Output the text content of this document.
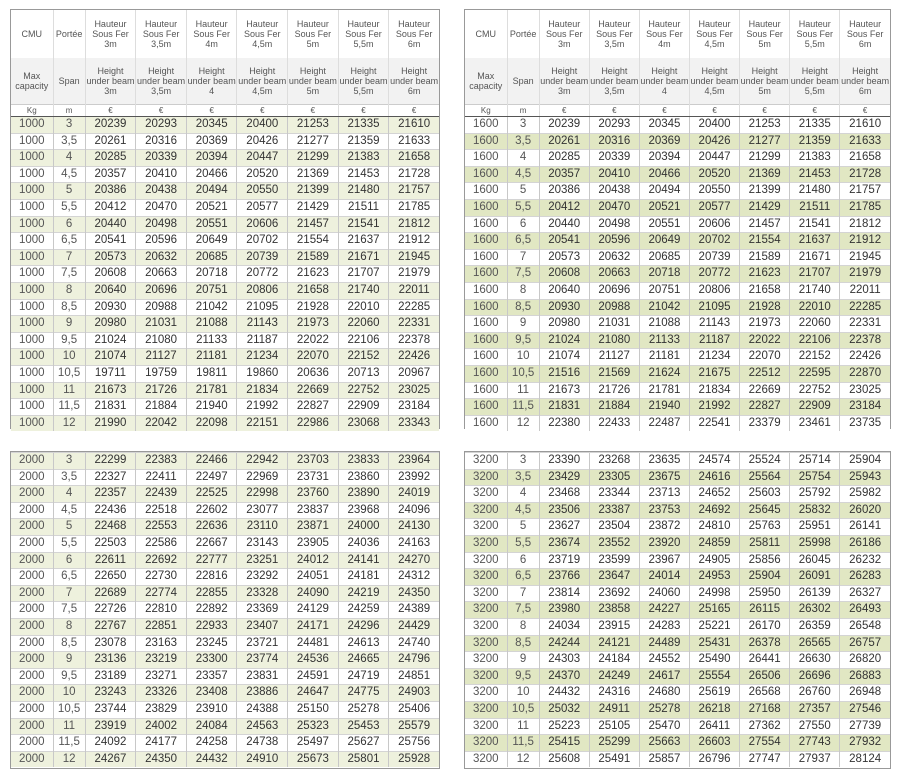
CMU	Portée	Hauteur Sous Fer 3m	Hauteur Sous Fer 3,5m	Hauteur Sous Fer 4m	Hauteur Sous Fer 4,5m	Hauteur Sous Fer 5m	Hauteur Sous Fer 5,5m	Hauteur Sous Fer 6m
Max capacity	Span	Height under beam 3m	Height under beam 3,5m	Height under beam 4	Height under beam 4,5m	Height under beam 5m	Height under beam 5,5m	Height under beam 6m
Kg	m	€	€	€	€	€	€	€
1000	3	20239	20293	20345	20400	21253	21335	21610
1000	3,5	20261	20316	20369	20426	21277	21359	21633
1000	4	20285	20339	20394	20447	21299	21383	21658
1000	4,5	20357	20410	20466	20520	21369	21453	21728
1000	5	20386	20438	20494	20550	21399	21480	21757
1000	5,5	20412	20470	20521	20577	21429	21511	21785
1000	6	20440	20498	20551	20606	21457	21541	21812
1000	6,5	20541	20596	20649	20702	21554	21637	21912
1000	7	20573	20632	20685	20739	21589	21671	21945
1000	7,5	20608	20663	20718	20772	21623	21707	21979
1000	8	20640	20696	20751	20806	21658	21740	22011
1000	8,5	20930	20988	21042	21095	21928	22010	22285
1000	9	20980	21031	21088	21143	21973	22060	22331
1000	9,5	21024	21080	21133	21187	22022	22106	22378
1000	10	21074	21127	21181	21234	22070	22152	22426
1000	10,5	19711	19759	19811	19860	20636	20713	20967
1000	11	21673	21726	21781	21834	22669	22752	23025
1000	11,5	21831	21884	21940	21992	22827	22909	23184
1000	12	21990	22042	22098	22151	22986	23068	23343
CMU	Portée	Hauteur Sous Fer 3m	Hauteur Sous Fer 3,5m	Hauteur Sous Fer 4m	Hauteur Sous Fer 4,5m	Hauteur Sous Fer 5m	Hauteur Sous Fer 5,5m	Hauteur Sous Fer 6m
Max capacity	Span	Height under beam 3m	Height under beam 3,5m	Height under beam 4	Height under beam 4,5m	Height under beam 5m	Height under beam 5,5m	Height under beam 6m
Kg	m	€	€	€	€	€	€	€
1600	3	20239	20293	20345	20400	21253	21335	21610
1600	3,5	20261	20316	20369	20426	21277	21359	21633
1600	4	20285	20339	20394	20447	21299	21383	21658
1600	4,5	20357	20410	20466	20520	21369	21453	21728
1600	5	20386	20438	20494	20550	21399	21480	21757
1600	5,5	20412	20470	20521	20577	21429	21511	21785
1600	6	20440	20498	20551	20606	21457	21541	21812
1600	6,5	20541	20596	20649	20702	21554	21637	21912
1600	7	20573	20632	20685	20739	21589	21671	21945
1600	7,5	20608	20663	20718	20772	21623	21707	21979
1600	8	20640	20696	20751	20806	21658	21740	22011
1600	8,5	20930	20988	21042	21095	21928	22010	22285
1600	9	20980	21031	21088	21143	21973	22060	22331
1600	9,5	21024	21080	21133	21187	22022	22106	22378
1600	10	21074	21127	21181	21234	22070	22152	22426
1600	10,5	21516	21569	21624	21675	22512	22595	22870
1600	11	21673	21726	21781	21834	22669	22752	23025
1600	11,5	21831	21884	21940	21992	22827	22909	23184
1600	12	22380	22433	22487	22541	23379	23461	23735
2000	3	22299	22383	22466	22942	23703	23833	23964
2000	3,5	22327	22411	22497	22969	23731	23860	23992
2000	4	22357	22439	22525	22998	23760	23890	24019
2000	4,5	22436	22518	22602	23077	23837	23968	24096
2000	5	22468	22553	22636	23110	23871	24000	24130
2000	5,5	22503	22586	22667	23143	23905	24036	24163
2000	6	22611	22692	22777	23251	24012	24141	24270
2000	6,5	22650	22730	22816	23292	24051	24181	24312
2000	7	22689	22774	22855	23328	24090	24219	24350
2000	7,5	22726	22810	22892	23369	24129	24259	24389
2000	8	22767	22851	22933	23407	24171	24296	24429
2000	8,5	23078	23163	23245	23721	24481	24613	24740
2000	9	23136	23219	23300	23774	24536	24665	24796
2000	9,5	23189	23271	23357	23831	24591	24719	24851
2000	10	23243	23326	23408	23886	24647	24775	24903
2000	10,5	23744	23829	23910	24388	25150	25278	25406
2000	11	23919	24002	24084	24563	25323	25453	25579
2000	11,5	24092	24177	24258	24738	25497	25627	25756
2000	12	24267	24350	24432	24910	25673	25801	25928
3200	3	23390	23268	23635	24574	25524	25714	25904
3200	3,5	23429	23305	23675	24616	25564	25754	25943
3200	4	23468	23344	23713	24652	25603	25792	25982
3200	4,5	23506	23387	23753	24692	25645	25832	26020
3200	5	23627	23504	23872	24810	25763	25951	26141
3200	5,5	23674	23552	23920	24859	25811	25998	26186
3200	6	23719	23599	23967	24905	25856	26045	26232
3200	6,5	23766	23647	24014	24953	25904	26091	26283
3200	7	23814	23692	24060	24998	25950	26139	26327
3200	7,5	23980	23858	24227	25165	26115	26302	26493
3200	8	24034	23915	24283	25221	26170	26359	26548
3200	8,5	24244	24121	24489	25431	26378	26565	26757
3200	9	24303	24184	24552	25490	26441	26630	26820
3200	9,5	24370	24249	24617	25554	26506	26696	26883
3200	10	24432	24316	24680	25619	26568	26760	26948
3200	10,5	25032	24911	25278	26218	27168	27357	27546
3200	11	25223	25105	25470	26411	27362	27550	27739
3200	11,5	25415	25299	25663	26603	27554	27743	27932
3200	12	25608	25491	25857	26796	27747	27937	28124
